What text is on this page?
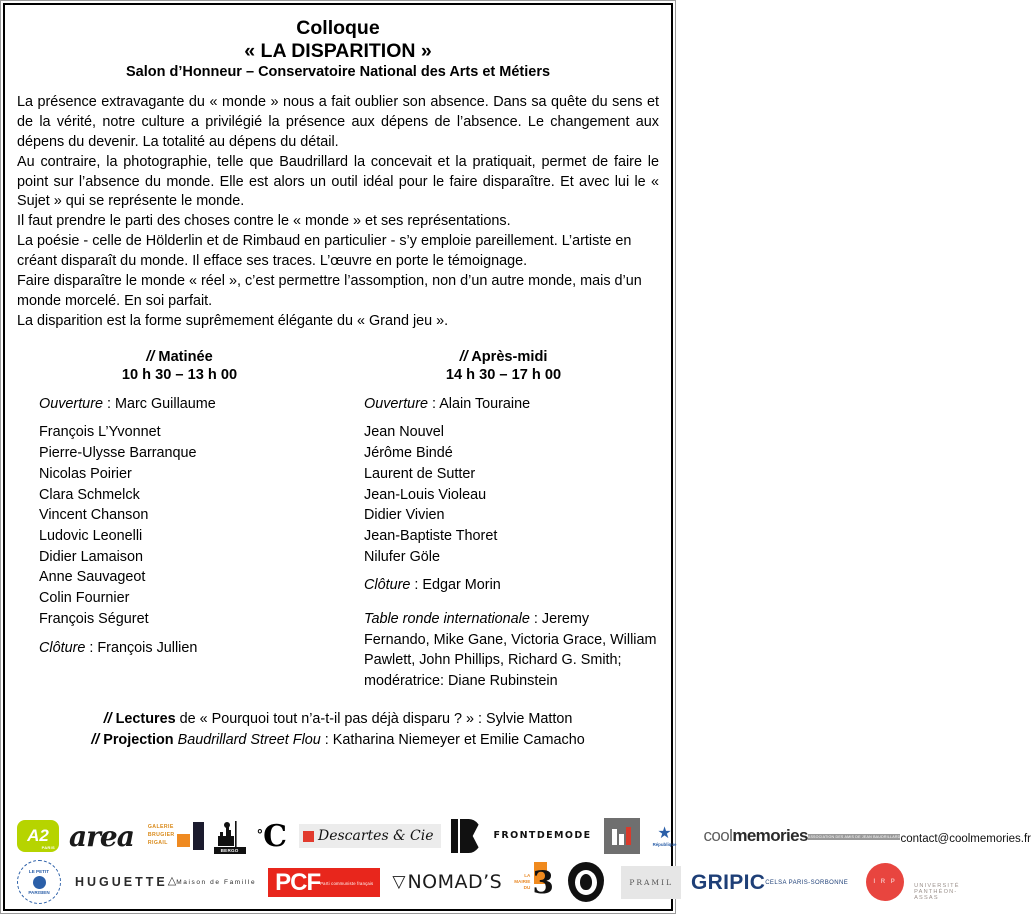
Colloque
« LA DISPARITION »
Salon d’Honneur – Conservatoire National des Arts et Métiers

La présence extravagante du « monde » nous a fait oublier son absence. Dans sa quête du sens et de la vérité, notre culture a privilégié la présence aux dépens de l’absence. Le changement aux dépens du devenir. La totalité au dépens du détail.

Au contraire, la photographie, telle que Baudrillard la concevait et la pratiquait, permet de faire le point sur l’absence du monde. Elle est alors un outil idéal pour le faire disparaître. Et avec lui le « Sujet » qui se représente le monde.

Il faut prendre le parti des choses contre le « monde » et ses représentations.

La poésie - celle de Hölderlin et de Rimbaud en particulier - s’y emploie pareillement. L’artiste en créant disparaît du monde. Il efface ses traces. L’œuvre en porte le témoignage.

Faire disparaître le monde « réel », c’est permettre l’assomption, non d’un autre monde, mais d’un monde morcelé. En soi parfait.

La disparition est la forme suprêmement élégante du « Grand jeu ».

// Matinée
10 h 30 – 13 h 00
Ouverture : Marc Guillaume
François L’Yvonnet
Pierre-Ulysse Barranque
Nicolas Poirier
Clara Schmelck
Vincent Chanson
Ludovic Leonelli
Didier Lamaison
Anne Sauvageot
Colin Fournier
François Séguret
Clôture : François Jullien
// Après-midi
14 h 30 – 17 h 00
Ouverture : Alain Touraine
Jean Nouvel
Jérôme Bindé
Laurent de Sutter
Jean-Louis Violeau
Didier Vivien
Jean-Baptiste Thoret
Nilufer Göle
Clôture : Edgar Morin
Table ronde internationale : Jeremy Fernando, Mike Gane, Victoria Grace, William Pawlett, John Phillips, Richard G. Smith; modératrice: Diane Rubinstein
// Lectures de « Pourquoi tout n’a-t-il pas déjà disparu ? » : Sylvie Matton
// Projection Baudrillard Street Flou : Katharina Niemeyer et Emilie Camacho
A2
PARIS area	GALERIE
BRUGIER
RIGAIL
BERGO
° C Descartes & Cie	FRONT DE MODE	★
République coolmemories ASSOCIATION DES AMIS DE JEAN BAUDRILLARD contact@coolmemories.fr
LE PETIT
PARISIEN
HUGUETTE △ Maison de Famille PCF Parti communiste français ▽ NOMAD’S	LA
MAIRIE
DU 3	PRAMIL GRIPIC CELSA PARIS-SORBONNE	I R P
UNIVERSITÉ PANTHÉON-ASSAS
